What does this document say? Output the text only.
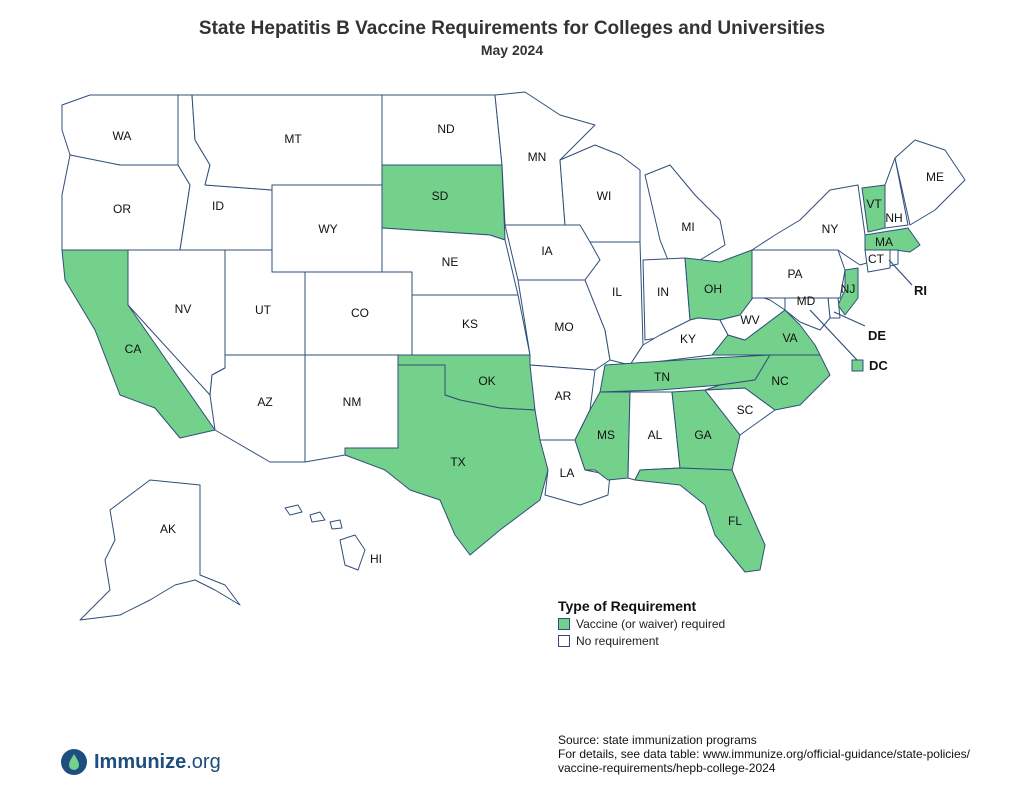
State Hepatitis B Vaccine Requirements for Colleges and Universities
May 2024
WA
OR
CA
ID
NV
MT
WY
UT
AZ
CO
NM
ND
SD
NE
KS
OK
TX
MN
IA
MO
AR
LA
WI
IL
MI
IN	OH
KY
TN
MS	AL	GA
FL
SC
NC
VA
WV
PA
NY
VT
NH
ME
MA
CT
NJ
MD
AK
HI
RI
DE
DC
Type of Requirement
Vaccine (or waiver) required
No requirement
Source: state immunization programs
For details, see data table: www.immunize.org/official-guidance/state-policies/
vaccine-requirements/hepb-college-2024
Immunize.org
